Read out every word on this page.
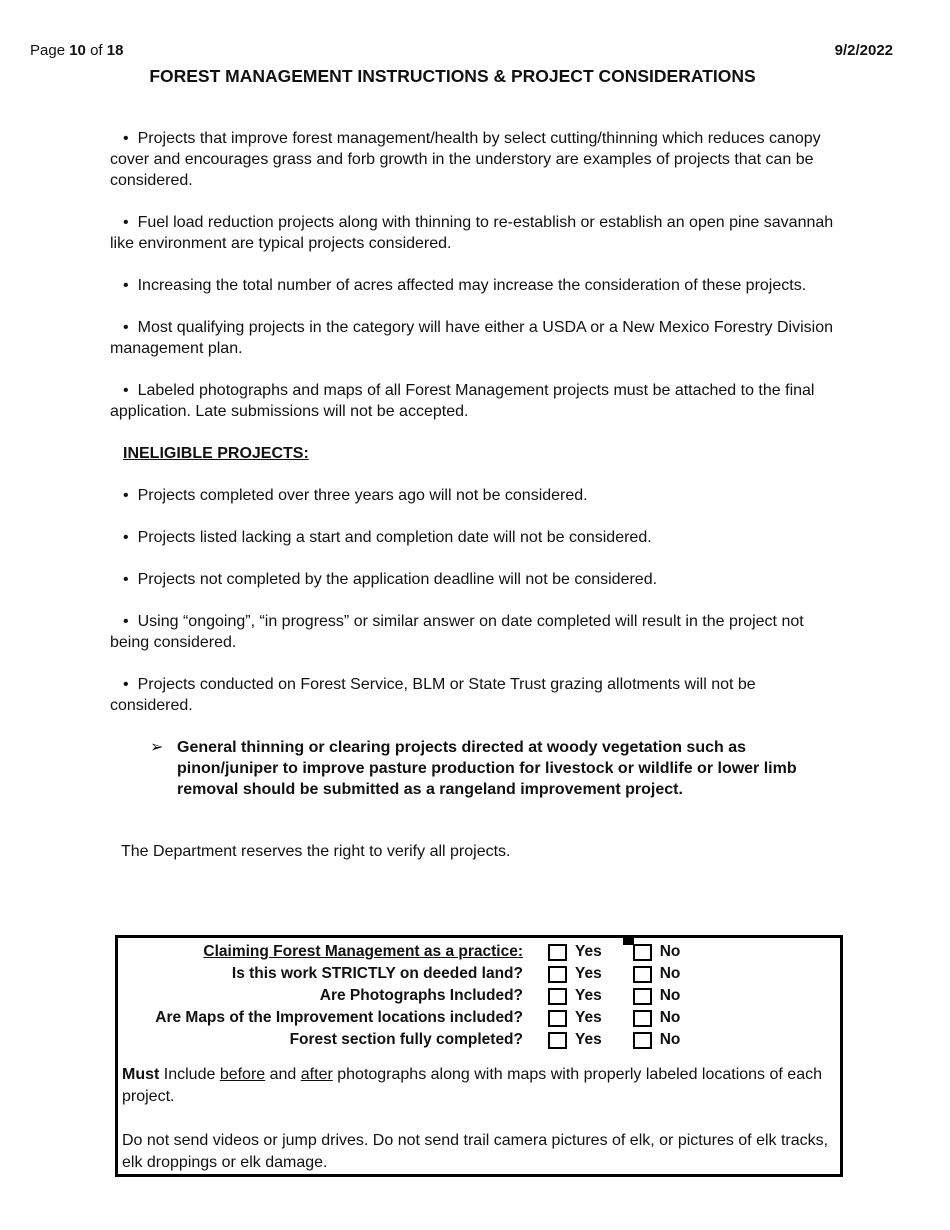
Page 10 of 18	9/2/2022
FOREST MANAGEMENT INSTRUCTIONS & PROJECT CONSIDERATIONS

• Projects that improve forest management/health by select cutting/thinning which reduces canopy cover and encourages grass and forb growth in the understory are examples of projects that can be considered.

• Fuel load reduction projects along with thinning to re-establish or establish an open pine savannah like environment are typical projects considered.

• Increasing the total number of acres affected may increase the consideration of these projects.

• Most qualifying projects in the category will have either a USDA or a New Mexico Forestry Division management plan.

• Labeled photographs and maps of all Forest Management projects must be attached to the final application. Late submissions will not be accepted.

INELIGIBLE PROJECTS:

• Projects completed over three years ago will not be considered.

• Projects listed lacking a start and completion date will not be considered.

• Projects not completed by the application deadline will not be considered.

• Using “ongoing”, “in progress” or similar answer on date completed will result in the project not being considered.

• Projects conducted on Forest Service, BLM or State Trust grazing allotments will not be considered.

➢ General thinning or clearing projects directed at woody vegetation such as pinon/juniper to improve pasture production for livestock or wildlife or lower limb removal should be submitted as a rangeland improvement project.

The Department reserves the right to verify all projects.

Claiming Forest Management as a practice:	Yes	No
Is this work STRICTLY on deeded land?	Yes	No
Are Photographs Included?	Yes	No
Are Maps of the Improvement locations included?	Yes	No
Forest section fully completed?	Yes	No

Must Include before and after photographs along with maps with properly labeled locations of each project.

Do not send videos or jump drives. Do not send trail camera pictures of elk, or pictures of elk tracks, elk droppings or elk damage.
